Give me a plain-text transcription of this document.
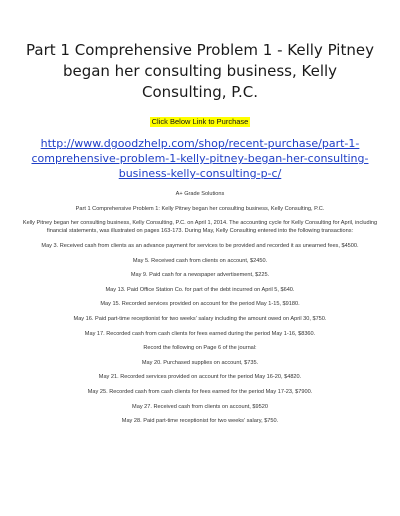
Part 1 Comprehensive Problem 1 - Kelly Pitney
began her consulting business, Kelly Consulting, P.C.
Click Below Link to Purchase
http://www.dgoodzhelp.com/shop/recent-purchase/part-1-
comprehensive-problem-1-kelly-pitney-began-her-consulting-
business-kelly-consulting-p-c/

A+ Grade Solutions

Part 1 Comprehensive Problem 1: Kelly Pitney began her consulting business, Kelly Consulting, P.C.

Kelly Pitney began her consulting business, Kelly Consulting, P.C. on April 1, 2014. The accounting cycle for Kelly Consulting for April, including financial statements, was illustrated on pages 163-173. During May, Kelly Consulting entered into the following transactions:

May 3. Received cash from clients as an advance payment for services to be provided and recorded it as unearned fees, $4500.

May 5. Received cash from clients on account, $2450.

May 9. Paid cash for a newspaper advertisement, $225.

May 13. Paid Office Station Co. for part of the debt incurred on April 5, $640.

May 15. Recorded services provided on account for the period May 1-15, $9180.

May 16. Paid part-time receptionist for two weeks' salary including the amount owed on April 30, $750.

May 17. Recorded cash from cash clients for fees earned during the period May 1-16, $8360.

Record the following on Page 6 of the journal:

May 20. Purchased supplies on account, $735.

May 21. Recorded services provided on account for the period May 16-20, $4820.

May 25. Recorded cash from cash clients for fees earned for the period May 17-23, $7900.

May 27. Received cash from clients on account, $9520

May 28. Paid part-time receptionist for two weeks' salary, $750.
